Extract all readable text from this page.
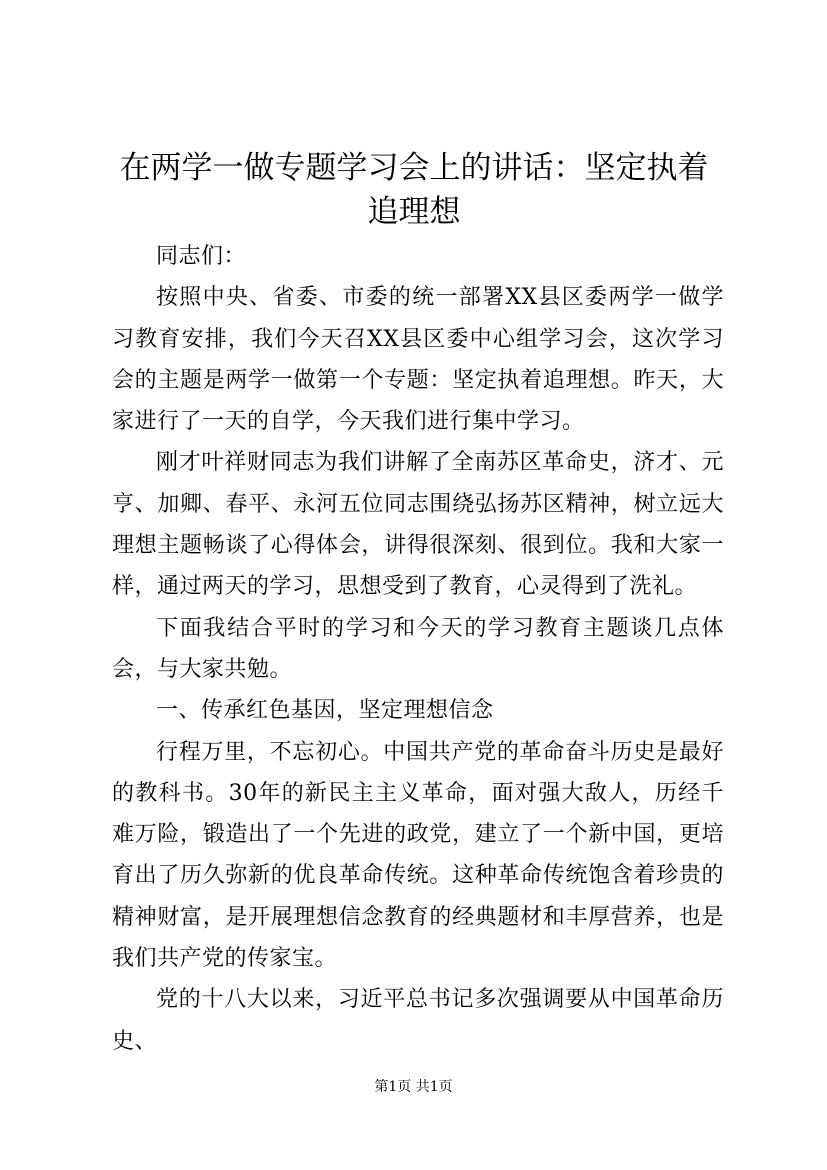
在两学一做专题学习会上的讲话：坚定执着追理想

同志们：

按照中央、省委、市委的统一部署XX县区委两学一做学习教育安排，我们今天召XX县区委中心组学习会，这次学习会的主题是两学一做第一个专题：坚定执着追理想。昨天，大家进行了一天的自学，今天我们进行集中学习。

刚才叶祥财同志为我们讲解了全南苏区革命史，济才、元亨、加卿、春平、永河五位同志围绕弘扬苏区精神，树立远大理想主题畅谈了心得体会，讲得很深刻、很到位。我和大家一样，通过两天的学习，思想受到了教育，心灵得到了洗礼。

下面我结合平时的学习和今天的学习教育主题谈几点体会，与大家共勉。

一、传承红色基因，坚定理想信念

行程万里，不忘初心。中国共产党的革命奋斗历史是最好的教科书。30年的新民主主义革命，面对强大敌人，历经千难万险，锻造出了一个先进的政党，建立了一个新中国，更培育出了历久弥新的优良革命传统。这种革命传统饱含着珍贵的精神财富，是开展理想信念教育的经典题材和丰厚营养，也是我们共产党的传家宝。

党的十八大以来，习近平总书记多次强调要从中国革命历史、

第1页 共1页
